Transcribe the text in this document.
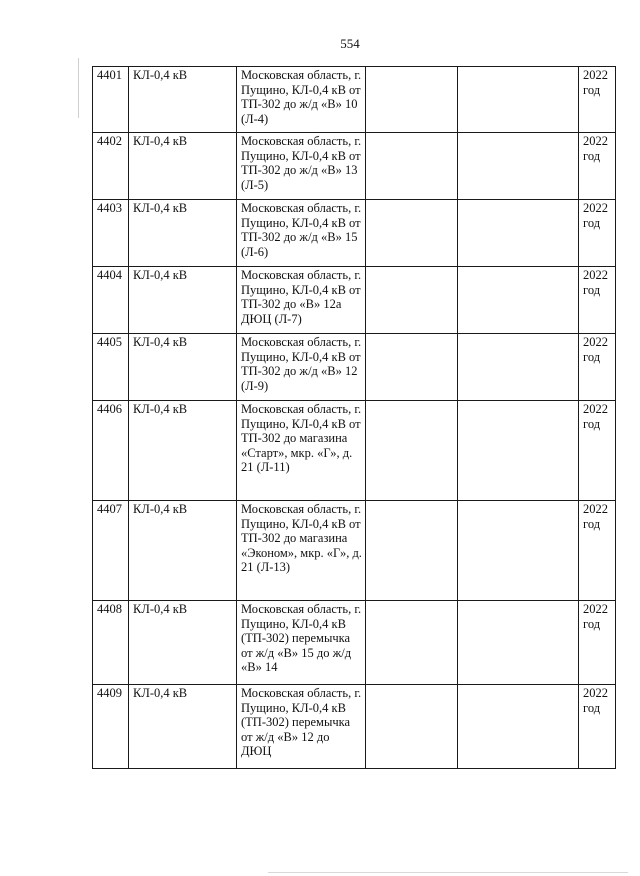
554
4401	КЛ-0,4 кВ	Московская область, г. Пущино, КЛ-0,4 кВ от ТП-302 до ж/д «В» 10 (Л-4)			2022 год
4402	КЛ-0,4 кВ	Московская область, г. Пущино, КЛ-0,4 кВ от ТП-302 до ж/д «В» 13 (Л-5)			2022 год
4403	КЛ-0,4 кВ	Московская область, г. Пущино, КЛ-0,4 кВ от ТП-302 до ж/д «В» 15 (Л-6)			2022 год
4404	КЛ-0,4 кВ	Московская область, г. Пущино, КЛ-0,4 кВ от ТП-302 до «В» 12а ДЮЦ (Л-7)			2022 год
4405	КЛ-0,4 кВ	Московская область, г. Пущино, КЛ-0,4 кВ от ТП-302 до ж/д «В» 12 (Л-9)			2022 год
4406	КЛ-0,4 кВ	Московская область, г. Пущино, КЛ-0,4 кВ от ТП-302 до магазина «Старт», мкр. «Г», д. 21 (Л-11)			2022 год
4407	КЛ-0,4 кВ	Московская область, г. Пущино, КЛ-0,4 кВ от ТП-302 до магазина «Эконом», мкр. «Г», д. 21 (Л-13)			2022 год
4408	КЛ-0,4 кВ	Московская область, г. Пущино, КЛ-0,4 кВ (ТП-302) перемычка от ж/д «В» 15 до ж/д «В» 14			2022 год
4409	КЛ-0,4 кВ	Московская область, г. Пущино, КЛ-0,4 кВ (ТП-302) перемычка от ж/д «В» 12 до ДЮЦ			2022 год
